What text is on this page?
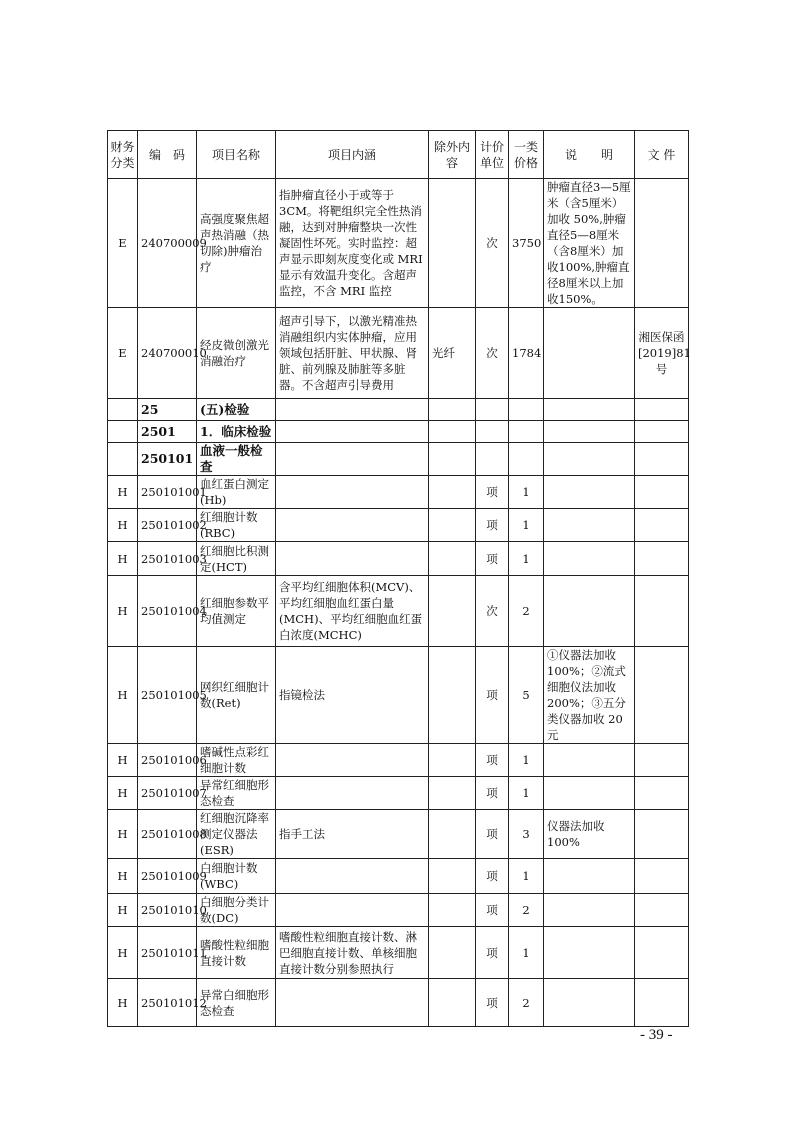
财务分类	编　码	项目名称	项目内涵	除外内容	计价单位	一类价格	说　　明	文 件
E	240700009	高强度聚焦超声热消融（热切除)肿瘤治疗	指肿瘤直径小于或等于3CM。将靶组织完全性热消融，达到对肿瘤整块一次性凝固性坏死。实时监控：超声显示即刻灰度变化或 MRI 显示有效温升变化。含超声监控，不含 MRI 监控		次	3750	肿瘤直径3—5厘米（含5厘米）加收 50%,肿瘤直径5—8厘米（含8厘米）加收100%,肿瘤直径8厘米以上加收150%。	
E	240700010	经皮微创激光消融治疗	超声引导下，以激光精准热消融组织内实体肿瘤，应用领域包括肝脏、甲状腺、肾脏、前列腺及肺脏等多脏器。不含超声引导费用	光纤	次	1784		湘医保函[2019]81号
	25	(五)检验						
	2501	1．临床检验						
	250101	血液一般检查						
H	250101001	血红蛋白测定(Hb)			项	1		
H	250101002	红细胞计数(RBC)			项	1		
H	250101003	红细胞比积测定(HCT)			项	1		
H	250101004	红细胞参数平均值测定	含平均红细胞体积(MCV)、平均红细胞血红蛋白量(MCH)、平均红细胞血红蛋白浓度(MCHC)		次	2		
H	250101005	网织红细胞计数(Ret)	指镜检法		项	5	①仪器法加收100%；②流式细胞仪法加收200%；③五分类仪器加收 20 元	
H	250101006	嗜碱性点彩红细胞计数			项	1		
H	250101007	异常红细胞形态检查			项	1		
H	250101008	红细胞沉降率测定仪器法(ESR)	指手工法		项	3	仪器法加收 100%	
H	250101009	白细胞计数(WBC)			项	1		
H	250101010	白细胞分类计数(DC)			项	2		
H	250101011	嗜酸性粒细胞直接计数	嗜酸性粒细胞直接计数、淋巴细胞直接计数、单核细胞直接计数分别参照执行		项	1		
H	250101012	异常白细胞形态检查			项	2		
- 39 -
